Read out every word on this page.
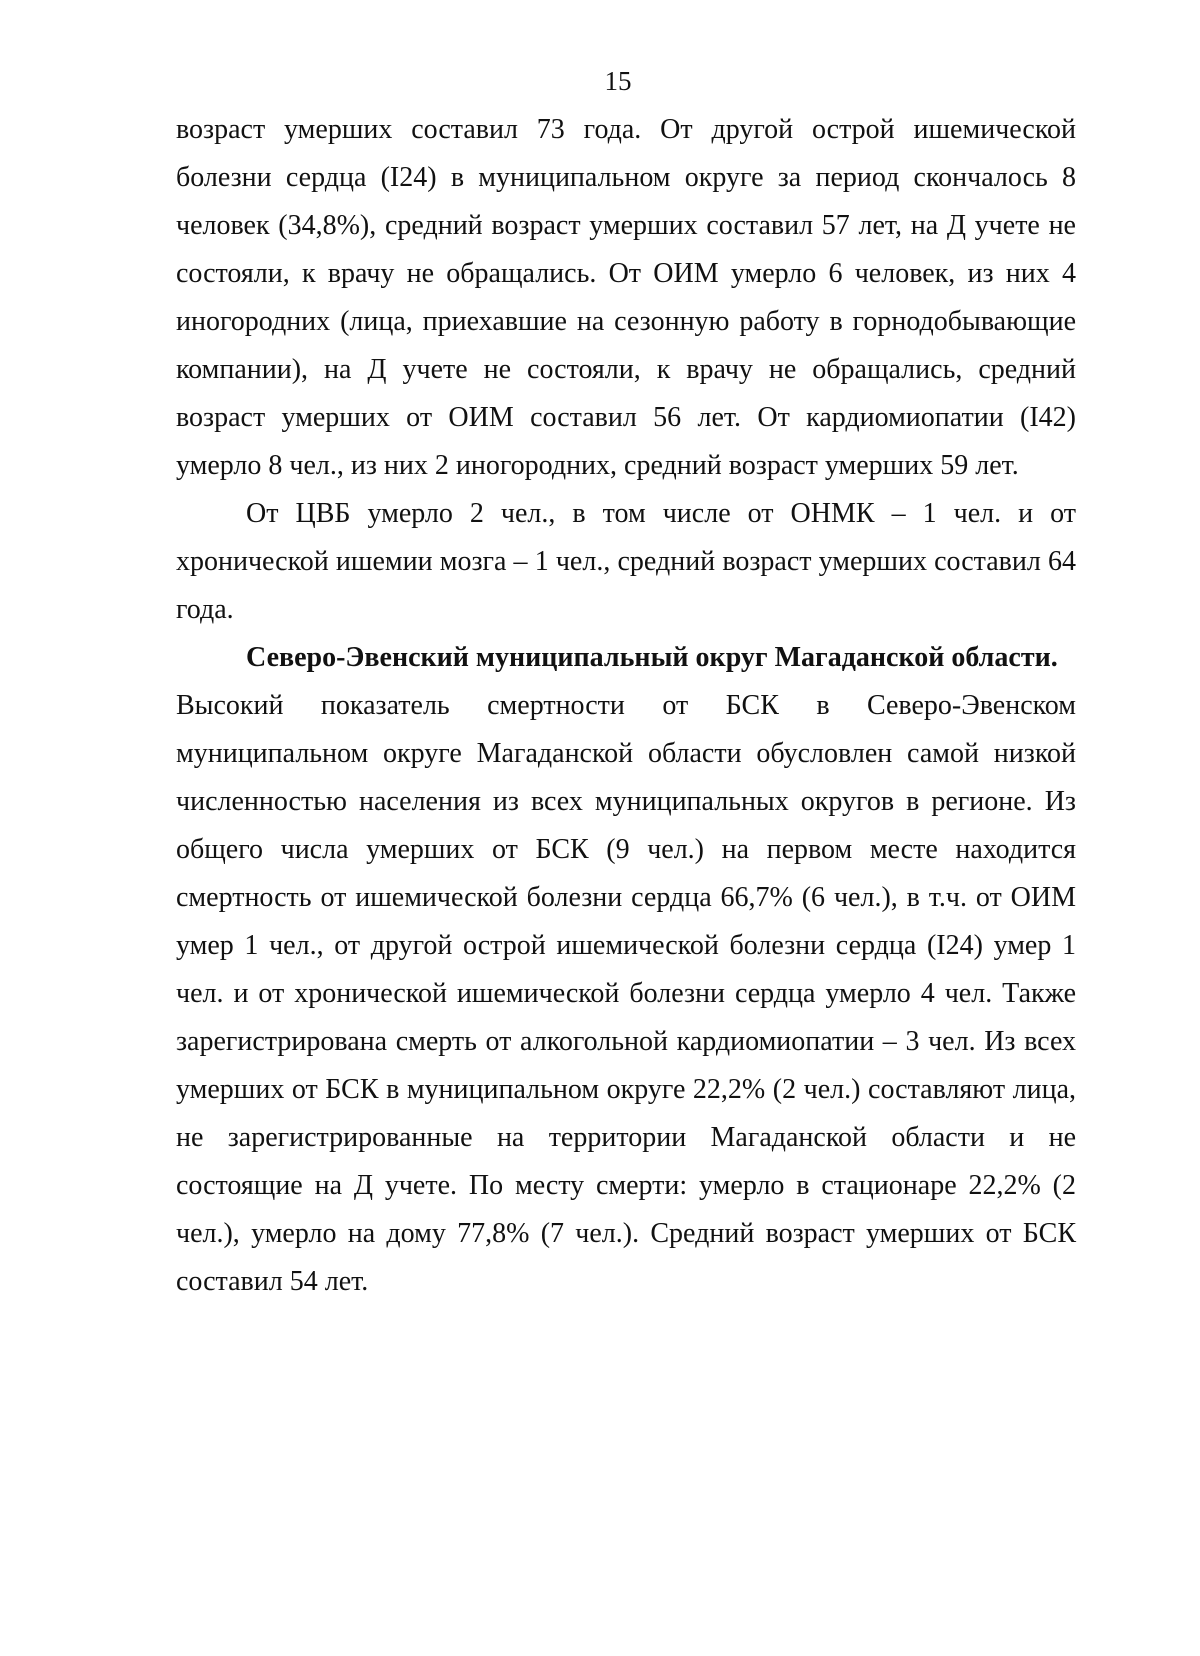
15

возраст умерших составил 73 года. От другой острой ишемической болезни сердца (I24) в муниципальном округе за период скончалось 8 человек (34,8%), средний возраст умерших составил 57 лет, на Д учете не состояли, к врачу не обращались. От ОИМ умерло 6 человек, из них 4 иногородних (лица, приехавшие на сезонную работу в горнодобывающие компании), на Д учете не состояли, к врачу не обращались, средний возраст умерших от ОИМ составил 56 лет. От кардиомиопатии (I42) умерло 8 чел., из них 2 иногородних, средний возраст умерших 59 лет.

От ЦВБ умерло 2 чел., в том числе от ОНМК – 1 чел. и от хронической ишемии мозга – 1 чел., средний возраст умерших составил 64 года.

Северо-Эвенский муниципальный округ Магаданской области.

Высокий показатель смертности от БСК в Северо-Эвенском муниципальном округе Магаданской области обусловлен самой низкой численностью населения из всех муниципальных округов в регионе. Из общего числа умерших от БСК (9 чел.) на первом месте находится смертность от ишемической болезни сердца 66,7% (6 чел.), в т.ч. от ОИМ умер 1 чел., от другой острой ишемической болезни сердца (I24) умер 1 чел. и от хронической ишемической болезни сердца умерло 4 чел. Также зарегистрирована смерть от алкогольной кардиомиопатии – 3 чел. Из всех умерших от БСК в муниципальном округе 22,2% (2 чел.) составляют лица, не зарегистрированные на территории Магаданской области и не состоящие на Д учете. По месту смерти: умерло в стационаре 22,2% (2 чел.), умерло на дому 77,8% (7 чел.). Средний возраст умерших от БСК составил 54 лет.
